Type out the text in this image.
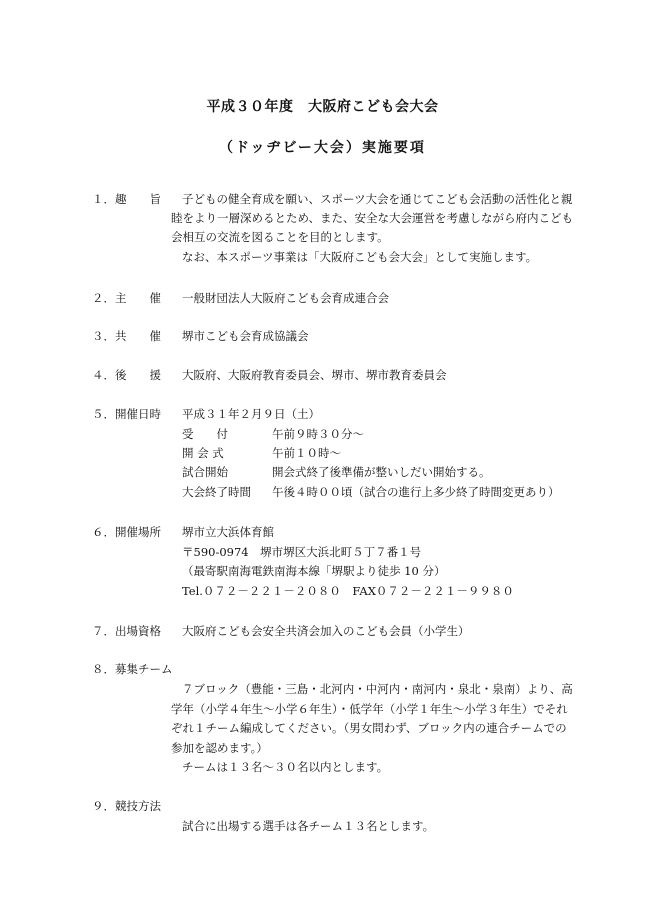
平成３０年度　大阪府こども会大会
（ドッヂビー大会）実施要項
１．趣　　旨 子どもの健全育成を願い、スポーツ大会を通じてこども会活動の活性化と親
睦をより一層深めるとため、また、安全な大会運営を考慮しながら府内こども
会相互の交流を図ることを目的とします。
なお、本スポーツ事業は「大阪府こども会大会」として実施します。
２．主　　催 一般財団法人大阪府こども会育成連合会
３．共　　催 堺市こども会育成協議会
４．後　　援 大阪府、大阪府教育委員会、堺市、堺市教育委員会
５．開催日時 平成３１年２月９日（土）
受　　付	午前９時３０分～
開 会 式	午前１０時～
試合開始	開会式終了後準備が整いしだい開始する。
大会終了時間 午後４時００頃（試合の進行上多少終了時間変更あり）
６．開催場所 堺市立大浜体育館
〒590-0974　堺市堺区大浜北町５丁７番１号
（最寄駅南海電鉄南海本線「堺駅より徒歩 10 分）
Tel.０７２－２２１－２０８０　FAX０７２－２２１－９９８０
７．出場資格 大阪府こども会安全共済会加入のこども会員（小学生）
８．募集チーム
７ブロック（豊能・三島・北河内・中河内・南河内・泉北・泉南）より、高
学年（小学４年生～小学６年生）・低学年（小学１年生～小学３年生）でそれ
ぞれ１チーム編成してください。（男女問わず、ブロック内の連合チームでの
参加を認めます。）
チームは１３名～３０名以内とします。
９．競技方法
試合に出場する選手は各チーム１３名とします。
